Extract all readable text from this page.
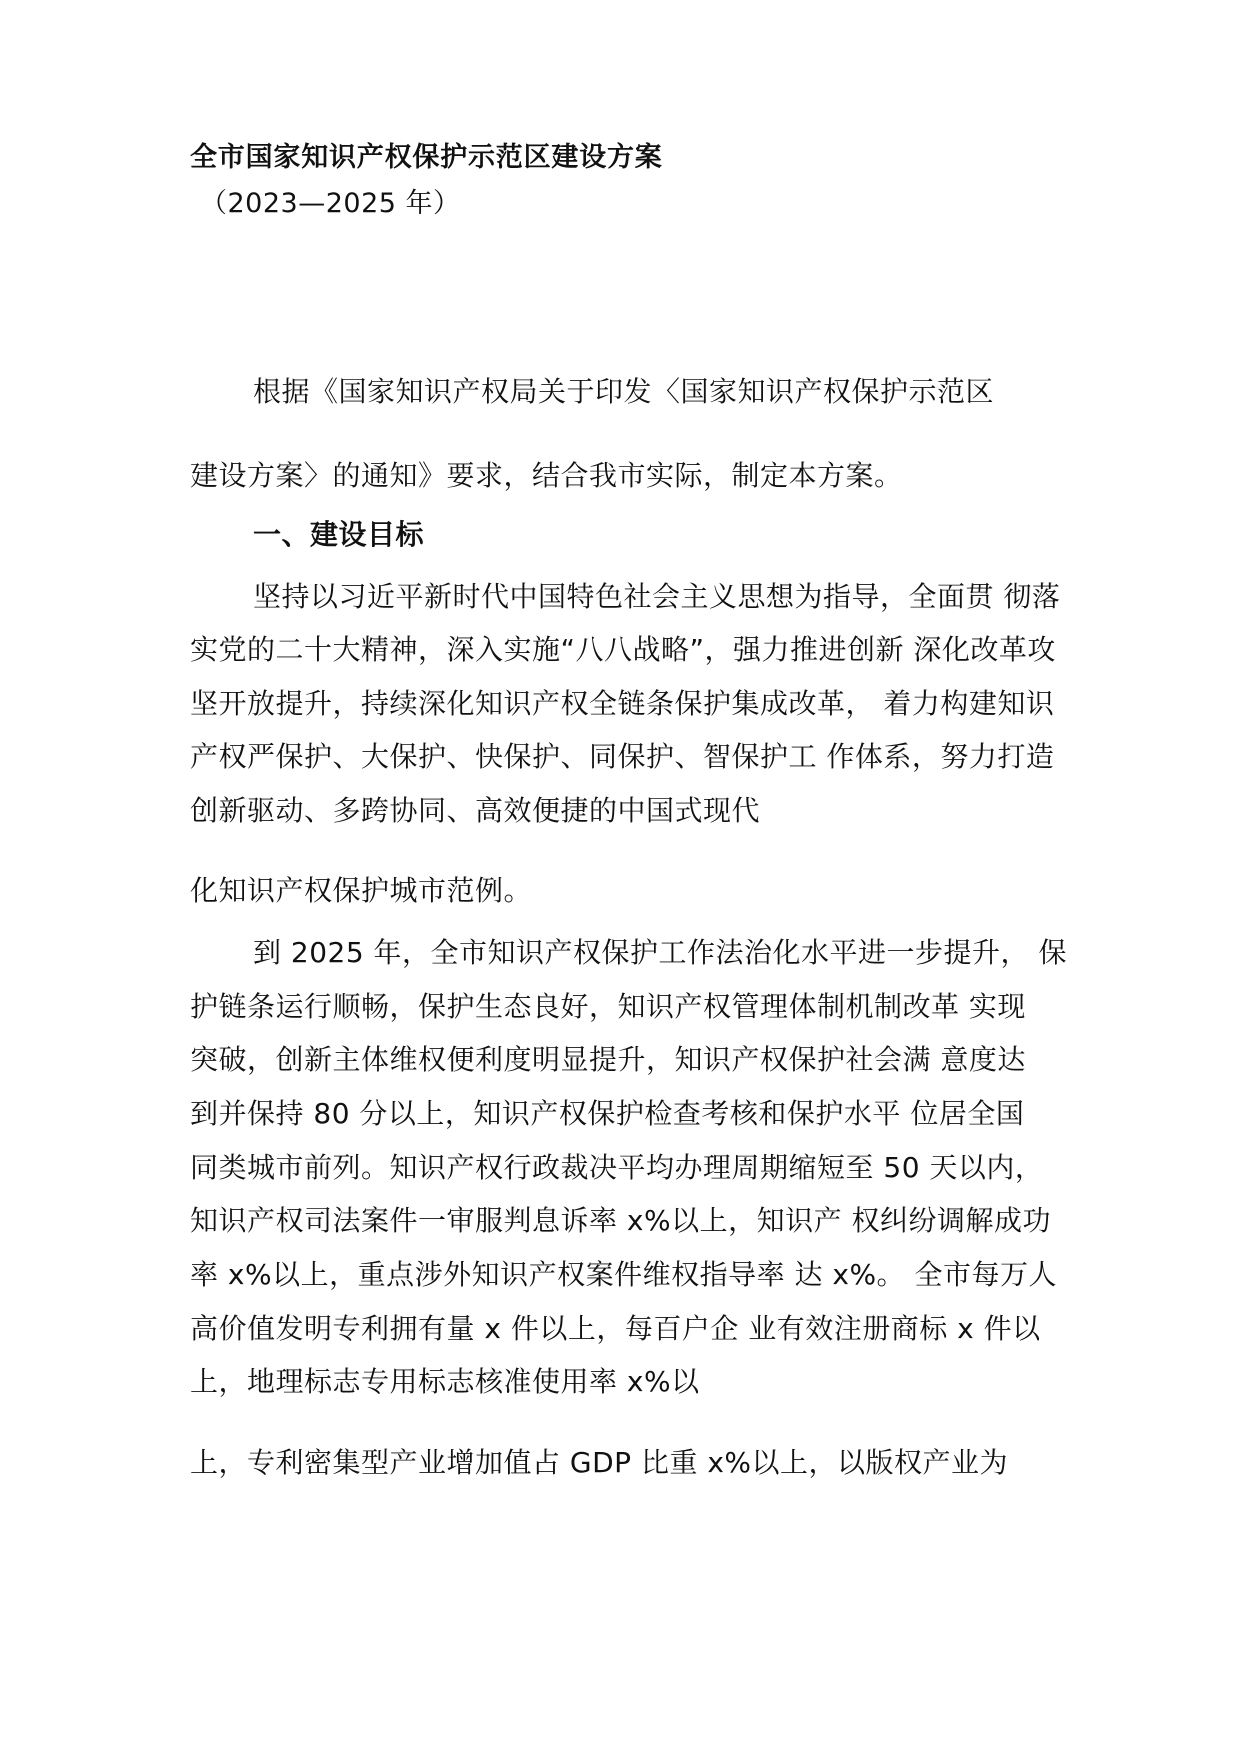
全市国家知识产权保护示范区建设方案
（2023—2025 年）
根据《国家知识产权局关于印发〈国家知识产权保护示范区
建设方案〉的通知》要求，结合我市实际，制定本方案。
一、建设目标
坚持以习近平新时代中国特色社会主义思想为指导，全面贯 彻落
实党的二十大精神，深入实施“八八战略”，强力推进创新 深化改革攻
坚开放提升，持续深化知识产权全链条保护集成改革， 着力构建知识
产权严保护、大保护、快保护、同保护、智保护工 作体系，努力打造
创新驱动、多跨协同、高效便捷的中国式现代
化知识产权保护城市范例。
到 2025 年，全市知识产权保护工作法治化水平进一步提升， 保
护链条运行顺畅，保护生态良好，知识产权管理体制机制改革 实现
突破，创新主体维权便利度明显提升，知识产权保护社会满 意度达
到并保持 80 分以上，知识产权保护检查考核和保护水平 位居全国
同类城市前列。知识产权行政裁决平均办理周期缩短至 50 天以内，
知识产权司法案件一审服判息诉率 x%以上，知识产 权纠纷调解成功
率 x%以上，重点涉外知识产权案件维权指导率 达 x%。 全市每万人
高价值发明专利拥有量 x 件以上，每百户企 业有效注册商标 x 件以
上，地理标志专用标志核准使用率 x%以
上，专利密集型产业增加值占 GDP 比重 x%以上，以版权产业为
